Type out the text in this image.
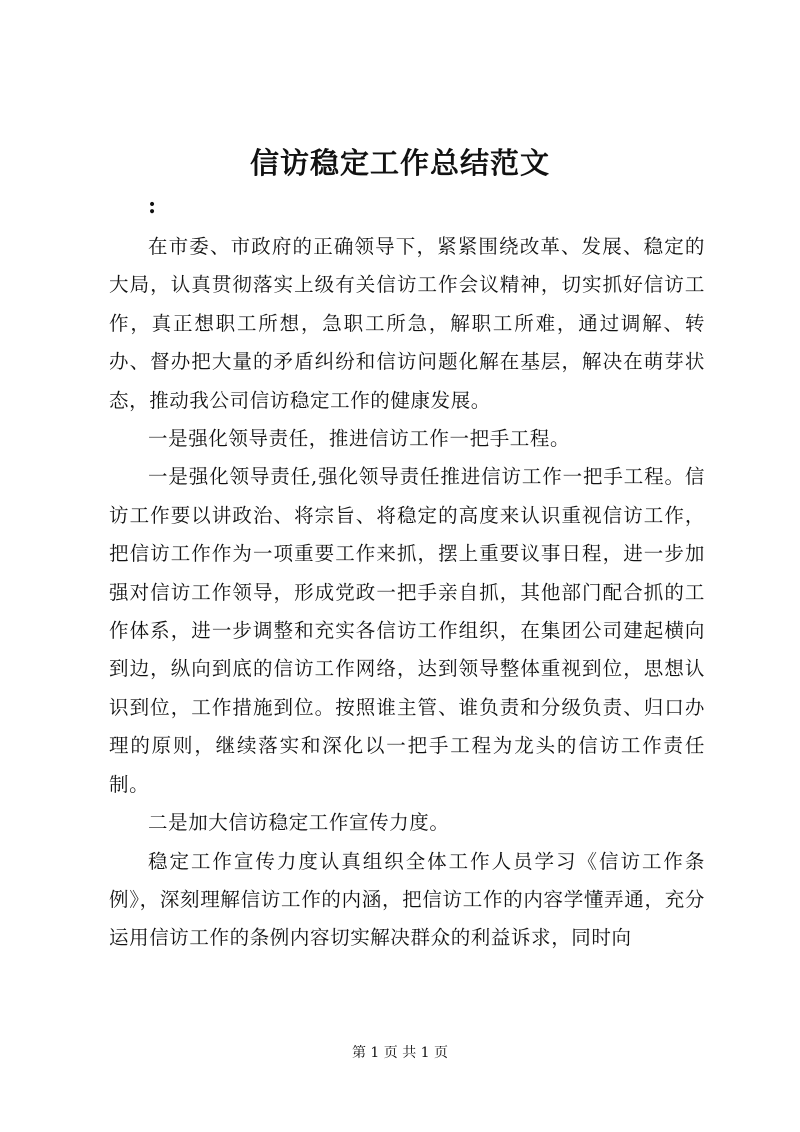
信访稳定工作总结范文
:

在市委、市政府的正确领导下，紧紧围绕改革、发展、稳定的大局，认真贯彻落实上级有关信访工作会议精神，切实抓好信访工作，真正想职工所想，急职工所急，解职工所难，通过调解、转办、督办把大量的矛盾纠纷和信访问题化解在基层，解决在萌芽状态，推动我公司信访稳定工作的健康发展。

一是强化领导责任，推进信访工作一把手工程。

一是强化领导责任,强化领导责任推进信访工作一把手工程。信访工作要以讲政治、将宗旨、将稳定的高度来认识重视信访工作，把信访工作作为一项重要工作来抓，摆上重要议事日程，进一步加强对信访工作领导，形成党政一把手亲自抓，其他部门配合抓的工作体系，进一步调整和充实各信访工作组织，在集团公司建起横向到边，纵向到底的信访工作网络，达到领导整体重视到位，思想认识到位，工作措施到位。按照谁主管、谁负责和分级负责、归口办理的原则，继续落实和深化以一把手工程为龙头的信访工作责任制。

二是加大信访稳定工作宣传力度。

稳定工作宣传力度认真组织全体工作人员学习《信访工作条例》，深刻理解信访工作的内涵，把信访工作的内容学懂弄通，充分运用信访工作的条例内容切实解决群众的利益诉求，同时向

第 1 页 共 1 页
